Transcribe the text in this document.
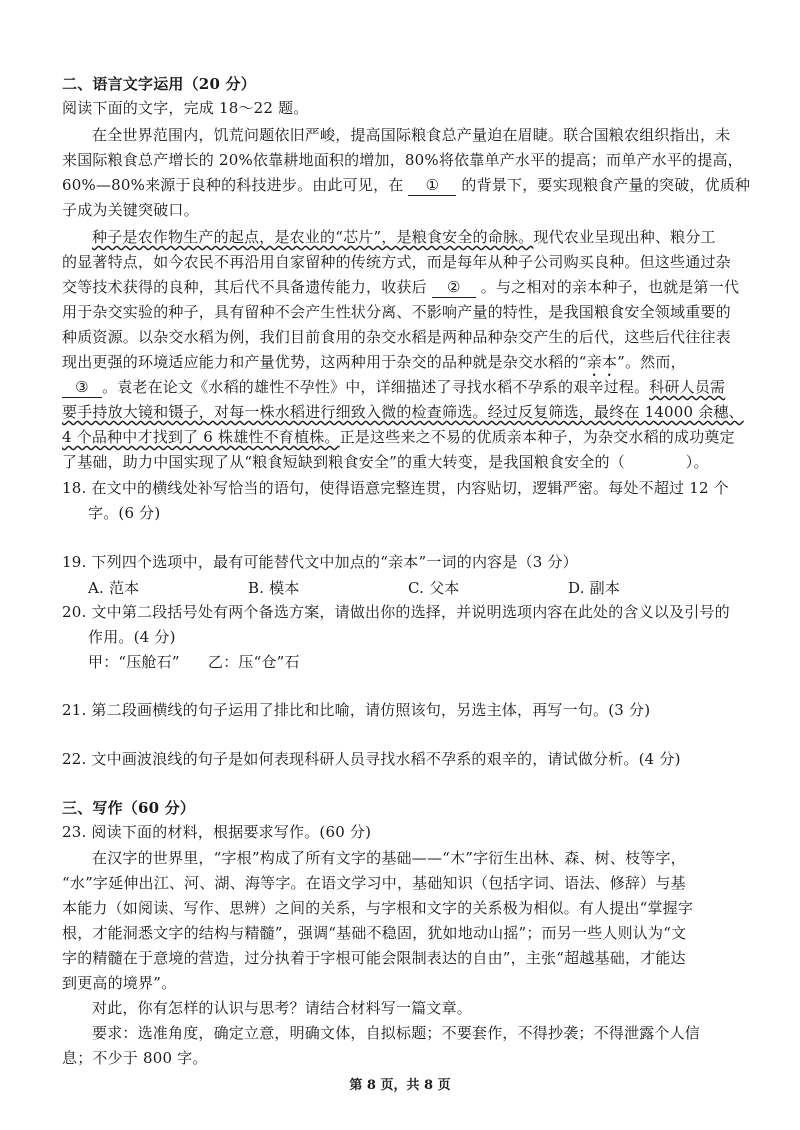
二、语言文字运用（20 分）
阅读下面的文字，完成 18～22 题。
在全世界范围内，饥荒问题依旧严峻，提高国际粮食总产量迫在眉睫。联合国粮农组织指出，未
来国际粮食总产增长的 20%依靠耕地面积的增加，80%将依靠单产水平的提高；而单产水平的提高，
60%—80%来源于良种的科技进步。由此可见，在 ① 的背景下，要实现粮食产量的突破，优质种
子成为关键突破口。
种子是农作物生产的起点，是农业的“芯片”，是粮食安全的命脉。现代农业呈现出种、粮分工
的显著特点，如今农民不再沿用自家留种的传统方式，而是每年从种子公司购买良种。但这些通过杂
交等技术获得的良种，其后代不具备遗传能力，收获后 ② 。与之相对的亲本种子，也就是第一代
用于杂交实验的种子，具有留种不会产生性状分离、不影响产量的特性，是我国粮食安全领域重要的
种质资源。以杂交水稻为例，我们目前食用的杂交水稻是两种品种杂交产生的后代，这些后代往往表
现出更强的环境适应能力和产量优势，这两种用于杂交的品种就是杂交水稻的“亲本”。然而，
③ 。袁老在论文《水稻的雄性不孕性》中，详细描述了寻找水稻不孕系的艰辛过程。科研人员需
要手持放大镜和镊子，对每一株水稻进行细致入微的检查筛选。经过反复筛选，最终在 14000 余穗、
4 个品种中才找到了 6 株雄性不育植株。正是这些来之不易的优质亲本种子，为杂交水稻的成功奠定
了基础，助力中国实现了从“粮食短缺到粮食安全”的重大转变，是我国粮食安全的（　　　　）。
18. 在文中的横线处补写恰当的语句，使得语意完整连贯，内容贴切，逻辑严密。每处不超过 12 个
字。(6 分)
19. 下列四个选项中，最有可能替代文中加点的“亲本”一词的内容是（3 分）
A. 范本	B. 模本	C. 父本	D. 副本
20. 文中第二段括号处有两个备选方案，请做出你的选择，并说明选项内容在此处的含义以及引号的
作用。(4 分)
甲：“压舱石” 乙：压“仓”石
21. 第二段画横线的句子运用了排比和比喻，请仿照该句，另选主体，再写一句。(3 分)
22. 文中画波浪线的句子是如何表现科研人员寻找水稻不孕系的艰辛的，请试做分析。(4 分)
三、写作（60 分）
23. 阅读下面的材料，根据要求写作。(60 分)
在汉字的世界里，“字根”构成了所有文字的基础——“木”字衍生出林、森、树、枝等字，
“水”字延伸出江、河、湖、海等字。在语文学习中，基础知识（包括字词、语法、修辞）与基
本能力（如阅读、写作、思辨）之间的关系，与字根和文字的关系极为相似。有人提出“掌握字
根，才能洞悉文字的结构与精髓”，强调“基础不稳固，犹如地动山摇”；而另一些人则认为“文
字的精髓在于意境的营造，过分执着于字根可能会限制表达的自由”，主张“超越基础，才能达
到更高的境界”。
对此，你有怎样的认识与思考？请结合材料写一篇文章。
要求：选准角度，确定立意，明确文体，自拟标题；不要套作，不得抄袭；不得泄露个人信
息；不少于 800 字。
第 8 页，共 8 页
